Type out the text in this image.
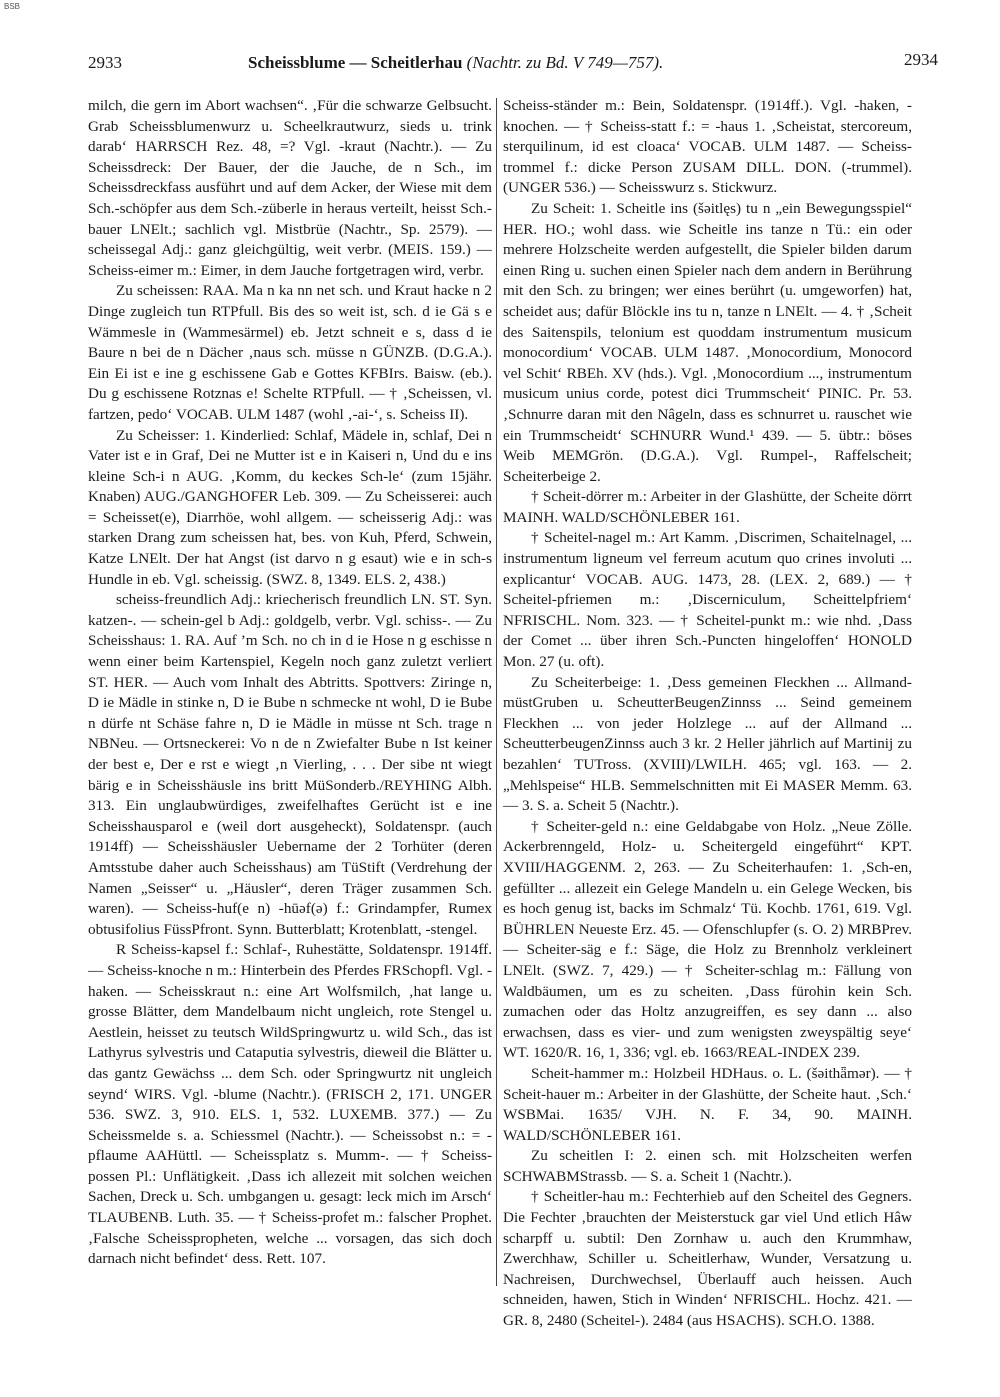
BSB
2933	Scheissblume — Scheitlerhau (Nachtr. zu Bd. V 749—757).	2934

milch, die gern im Abort wachsen“. ‚Für die schwarze Gelbsucht. Grab Scheissblumenwurz u. Scheelkrautwurz, sieds u. trink darab‘ HARRSCH Rez. 48, =? Vgl. -kraut (Nachtr.). — Zu Scheissdreck: Der Bauer, der die Jauche, de n Sch., im Scheissdreckfass ausführt und auf dem Acker, der Wiese mit dem Sch.-schöpfer aus dem Sch.-züberle in heraus verteilt, heisst Sch.-bauer LNElt.; sachlich vgl. Mistbrüe (Nachtr., Sp. 2579). — scheissegal Adj.: ganz gleichgültig, weit verbr. (MEIS. 159.) — Scheiss-eimer m.: Eimer, in dem Jauche fortgetragen wird, verbr.

Zu scheissen: RAA. Ma n ka nn net sch. und Kraut hacke n 2 Dinge zugleich tun RTPfull. Bis des so weit ist, sch. d ie Gä s e Wämmesle in (Wammesärmel) eb. Jetzt schneit e s, dass d ie Baure n bei de n Dächer ‚naus sch. müsse n GÜNZB. (D.G.A.). Ein Ei ist e ine g eschissene Gab e Gottes KFBIrs. Baisw. (eb.). Du g eschissene Rotznas e! Schelte RTPfull. — † ‚Scheissen, vl. fartzen, pedo‘ VOCAB. ULM 1487 (wohl ‚-ai-‘, s. Scheiss II).

Zu Scheisser: 1. Kinderlied: Schlaf, Mädele in, schlaf, Dei n Vater ist e in Graf, Dei ne Mutter ist e in Kaiseri n, Und du e ins kleine Sch-i n AUG. ‚Komm, du keckes Sch-le‘ (zum 15jähr. Knaben) AUG./GANGHOFER Leb. 309. — Zu Scheisserei: auch = Scheisset(e), Diarrhöe, wohl allgem. — scheisserig Adj.: was starken Drang zum scheissen hat, bes. von Kuh, Pferd, Schwein, Katze LNElt. Der hat Angst (ist darvo n g esaut) wie e in sch-s Hundle in eb. Vgl. scheissig. (SWZ. 8, 1349. ELS. 2, 438.)

scheiss-freundlich Adj.: kriecherisch freundlich LN. ST. Syn. katzen-. — schein-gel b Adj.: goldgelb, verbr. Vgl. schiss-. — Zu Scheisshaus: 1. RA. Auf ’m Sch. no ch in d ie Hose n g eschisse n wenn einer beim Kartenspiel, Kegeln noch ganz zuletzt verliert ST. HER. — Auch vom Inhalt des Abtritts. Spottvers: Ziringe n, D ie Mädle in stinke n, D ie Bube n schmecke nt wohl, D ie Bube n dürfe nt Schäse fahre n, D ie Mädle in müsse nt Sch. trage n NBNeu. — Ortsneckerei: Vo n de n Zwiefalter Bube n Ist keiner der best e, Der e rst e wiegt ‚n Vierling, . . . Der sibe nt wiegt bärig e in Scheisshäusle ins britt MüSonderb./REYHING Albh. 313. Ein unglaubwürdiges, zweifelhaftes Gerücht ist e ine Scheisshausparol e (weil dort ausgeheckt), Soldatenspr. (auch 1914ff) — Scheisshäusler Uebername der 2 Torhüter (deren Amtsstube daher auch Scheisshaus) am TüStift (Verdrehung der Namen „Seisser“ u. „Häusler“, deren Träger zusammen Sch. waren). — Scheiss-huf(e n) -hūəf(ə) f.: Grindampfer, Rumex obtusifolius FüssPfront. Synn. Butterblatt; Krotenblatt, -stengel.

R Scheiss-kapsel f.: Schlaf-, Ruhestätte, Soldatenspr. 1914ff. — Scheiss-knoche n m.: Hinterbein des Pferdes FRSchopfl. Vgl. -haken. — Scheisskraut n.: eine Art Wolfsmilch, ‚hat lange u. grosse Blätter, dem Mandelbaum nicht ungleich, rote Stengel u. Aestlein, heisset zu teutsch WildSpringwurtz u. wild Sch., das ist Lathyrus sylvestris und Cataputia sylvestris, dieweil die Blätter u. das gantz Gewächss ... dem Sch. oder Springwurtz nit ungleich seynd‘ WIRS. Vgl. -blume (Nachtr.). (FRISCH 2, 171. UNGER 536. SWZ. 3, 910. ELS. 1, 532. LUXEMB. 377.) — Zu Scheissmelde s. a. Schiessmel (Nachtr.). — Scheissobst n.: = -pflaume AAHüttl. — Scheissplatz s. Mumm-. — † Scheiss-possen Pl.: Unflätigkeit. ‚Dass ich allezeit mit solchen weichen Sachen, Dreck u. Sch. umbgangen u. gesagt: leck mich im Arsch‘ TLAUBENB. Luth. 35. — † Scheiss-profet m.: falscher Prophet. ‚Falsche Scheisspropheten, welche ... vorsagen, das sich doch darnach nicht befindet‘ dess. Rett. 107.

Scheiss-ständer m.: Bein, Soldatenspr. (1914ff.). Vgl. -haken, -knochen. — † Scheiss-statt f.: = -haus 1. ‚Scheistat, stercoreum, sterquilinum, id est cloaca‘ VOCAB. ULM 1487. — Scheiss-trommel f.: dicke Person ZUSAM DILL. DON. (-trummel). (UNGER 536.) — Scheisswurz s. Stickwurz.

Zu Scheit: 1. Scheitle ins (šəitlęs) tu n „ein Bewegungsspiel“ HER. HO.; wohl dass. wie Scheitle ins tanze n Tü.: ein oder mehrere Holzscheite werden aufgestellt, die Spieler bilden darum einen Ring u. suchen einen Spieler nach dem andern in Berührung mit den Sch. zu bringen; wer eines berührt (u. umgeworfen) hat, scheidet aus; dafür Blöckle ins tu n, tanze n LNElt. — 4. † ‚Scheit des Saitenspils, telonium est quoddam instrumentum musicum monocordium‘ VOCAB. ULM 1487. ‚Monocordium, Monocord vel Schit‘ RBEh. XV (hds.). Vgl. ‚Monocordium ..., instrumentum musicum unius corde, potest dici Trummscheit‘ PINIC. Pr. 53. ‚Schnurre daran mit den Nâgeln, dass es schnurret u. rauschet wie ein Trummscheidt‘ SCHNURR Wund.¹ 439. — 5. übtr.: böses Weib MEMGrön. (D.G.A.). Vgl. Rumpel-, Raffelscheit; Scheiterbeige 2.

† Scheit-dörrer m.: Arbeiter in der Glashütte, der Scheite dörrt MAINH. WALD/SCHÖNLEBER 161.

† Scheitel-nagel m.: Art Kamm. ‚Discrimen, Schaitelnagel, ... instrumentum ligneum vel ferreum acutum quo crines involuti ... explicantur‘ VOCAB. AUG. 1473, 28. (LEX. 2, 689.) — † Scheitel-pfriemen m.: ‚Discerniculum, Scheittelpfriem‘ NFRISCHL. Nom. 323. — † Scheitel-punkt m.: wie nhd. ‚Dass der Comet ... über ihren Sch.-Puncten hingeloffen‘ HONOLD Mon. 27 (u. oft).

Zu Scheiterbeige: 1. ‚Dess gemeinen Fleckhen ... Allmand-müstGruben u. ScheutterBeugenZinnss ... Seind gemeinem Fleckhen ... von jeder Holzlege ... auf der Allmand ... ScheutterbeugenZinnss auch 3 kr. 2 Heller jährlich auf Martinij zu bezahlen‘ TUTross. (XVIII)/LWILH. 465; vgl. 163. — 2. „Mehlspeise“ HLB. Semmelschnitten mit Ei MASER Memm. 63. — 3. S. a. Scheit 5 (Nachtr.).

† Scheiter-geld n.: eine Geldabgabe von Holz. „Neue Zölle. Ackerbrenngeld, Holz- u. Scheitergeld eingeführt“ KPT. XVIII/HAGGENM. 2, 263. — Zu Scheiterhaufen: 1. ‚Sch-en, gefüllter ... allezeit ein Gelege Mandeln u. ein Gelege Wecken, bis es hoch genug ist, backs im Schmalz‘ Tü. Kochb. 1761, 619. Vgl. BÜHRLEN Neueste Erz. 45. — Ofenschlupfer (s. O. 2) MRBPrev. — Scheiter-säg e f.: Säge, die Holz zu Brennholz verkleinert LNElt. (SWZ. 7, 429.) — † Scheiter-schlag m.: Fällung von Waldbäumen, um es zu scheiten. ‚Dass fürohin kein Sch. zumachen oder das Holtz anzugreiffen, es sey dann ... also erwachsen, dass es vier- und zum wenigsten zweyspältig seye‘ WT. 1620/R. 16, 1, 336; vgl. eb. 1663/REAL-INDEX 239.

Scheit-hammer m.: Holzbeil HDHaus. o. L. (šəithǟmər). — † Scheit-hauer m.: Arbeiter in der Glashütte, der Scheite haut. ‚Sch.‘ WSBMai. 1635/ VJH. N. F. 34, 90. MAINH. WALD/SCHÖNLEBER 161.

Zu scheitlen I: 2. einen sch. mit Holzscheiten werfen SCHWABMStrassb. — S. a. Scheit 1 (Nachtr.).

† Scheitler-hau m.: Fechterhieb auf den Scheitel des Gegners. Die Fechter ‚brauchten der Meisterstuck gar viel Und etlich Hâw scharpff u. subtil: Den Zornhaw u. auch den Krummhaw, Zwerchhaw, Schiller u. Scheitlerhaw, Wunder, Versatzung u. Nachreisen, Durchwechsel, Überlauff auch heissen. Auch schneiden, hawen, Stich in Winden‘ NFRISCHL. Hochz. 421. — GR. 8, 2480 (Scheitel-). 2484 (aus HSACHS). SCH.O. 1388.
